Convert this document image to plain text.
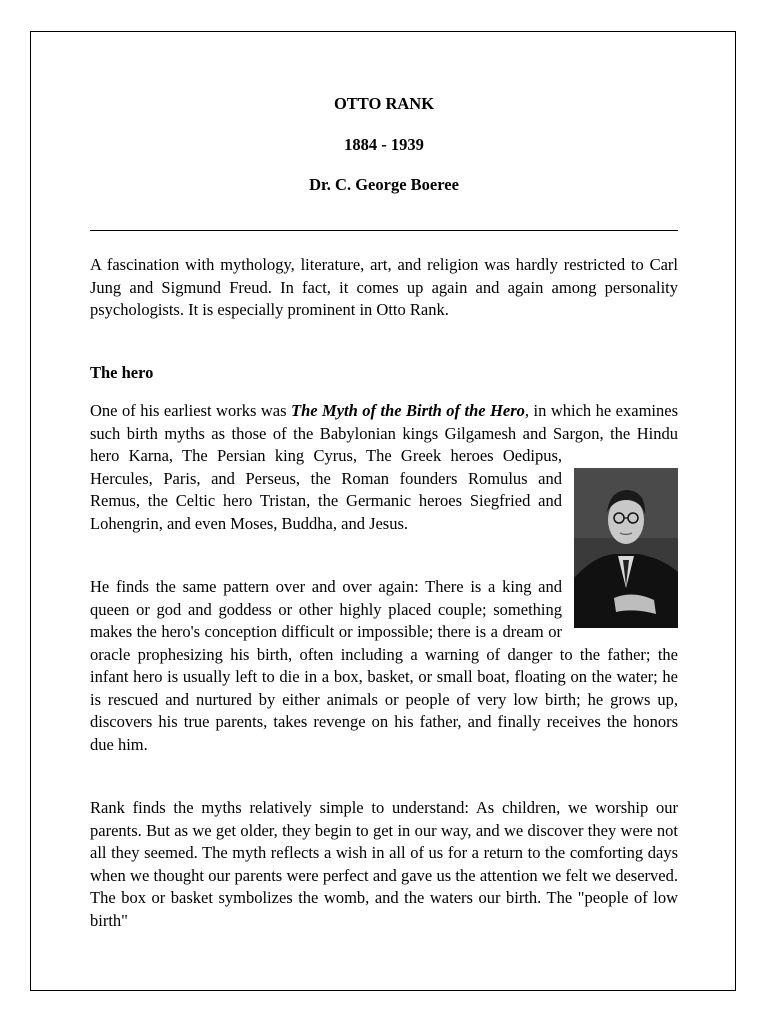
OTTO RANK
1884 - 1939
Dr. C. George Boeree

A fascination with mythology, literature, art, and religion was hardly restricted to Carl Jung and Sigmund Freud. In fact, it comes up again and again among personality psychologists. It is especially prominent in Otto Rank.

The hero

One of his earliest works was The Myth of the Birth of the Hero, in which he examines such birth myths as those of the Babylonian kings Gilgamesh and Sargon, the Hindu hero Karna, The Persian king Cyrus, The Greek heroes Oedipus, Hercules, Paris, and Perseus, the Roman founders Romulus and Remus, the Celtic hero Tristan, the Germanic heroes Siegfried and Lohengrin, and even Moses, Buddha, and Jesus.
He finds the same pattern over and over again: There is a king and queen or god and goddess or other highly placed couple; something makes the hero's conception difficult or impossible; there is a dream or oracle prophesizing his birth, often including a warning of danger to the father; the infant hero is usually left to die in a box, basket, or small boat, floating on the water; he is rescued and nurtured by either animals or people of very low birth; he grows up, discovers his true parents, takes revenge on his father, and finally receives the honors due him.

Rank finds the myths relatively simple to understand: As children, we worship our parents. But as we get older, they begin to get in our way, and we discover they were not all they seemed. The myth reflects a wish in all of us for a return to the comforting days when we thought our parents were perfect and gave us the attention we felt we deserved. The box or basket symbolizes the womb, and the waters our birth. The "people of low birth"
